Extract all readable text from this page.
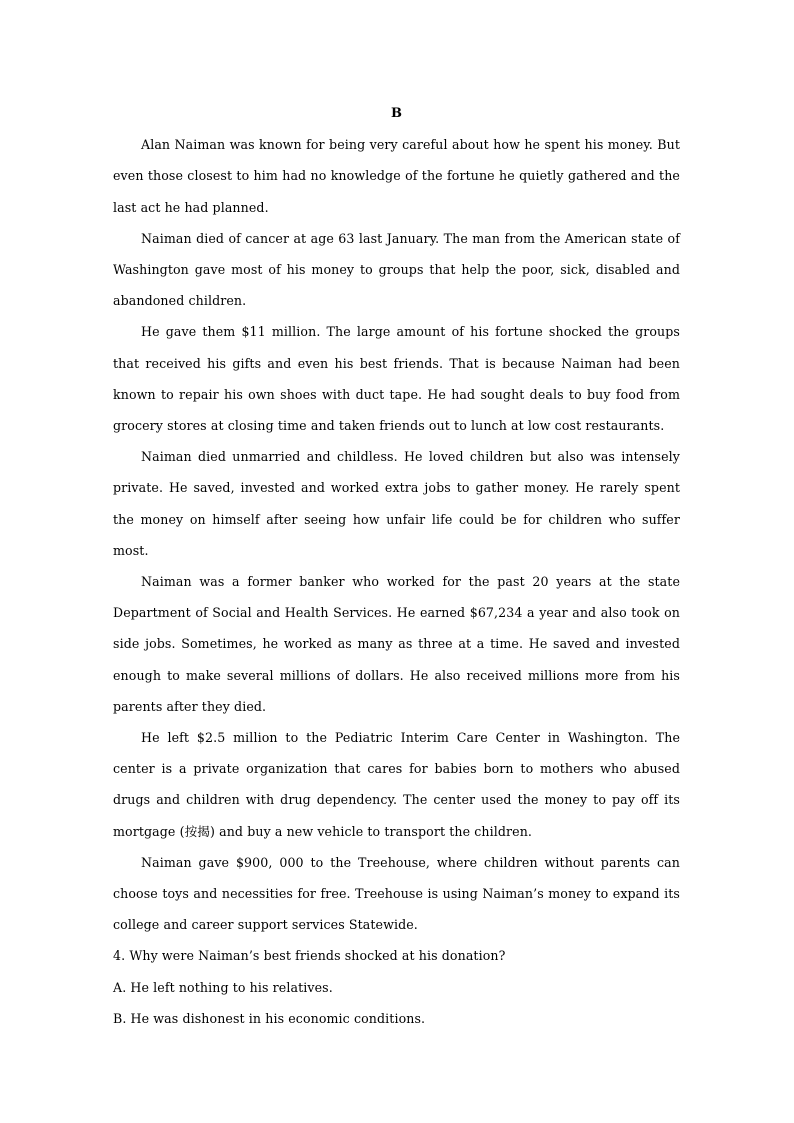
B

Alan Naiman was known for being very careful about how he spent his money. But even those closest to him had no knowledge of the fortune he quietly gathered and the last act he had planned.

Naiman died of cancer at age 63 last January. The man from the American state of Washington gave most of his money to groups that help the poor, sick, disabled and abandoned children.

He gave them $11 million. The large amount of his fortune shocked the groups that received his gifts and even his best friends. That is because Naiman had been known to repair his own shoes with duct tape. He had sought deals to buy food from grocery stores at closing time and taken friends out to lunch at low cost restaurants.

Naiman died unmarried and childless. He loved children but also was intensely private. He saved, invested and worked extra jobs to gather money. He rarely spent the money on himself after seeing how unfair life could be for children who suffer most.

Naiman was a former banker who worked for the past 20 years at the state Department of Social and Health Services. He earned $67,234 a year and also took on side jobs. Sometimes, he worked as many as three at a time. He saved and invested enough to make several millions of dollars. He also received millions more from his parents after they died.

He left $2.5 million to the Pediatric Interim Care Center in Washington. The center is a private organization that cares for babies born to mothers who abused drugs and children with drug dependency. The center used the money to pay off its mortgage (按揭) and buy a new vehicle to transport the children.

Naiman gave $900, 000 to the Treehouse, where children without parents can choose toys and necessities for free. Treehouse is using Naiman’s money to expand its college and career support services Statewide.

4. Why were Naiman’s best friends shocked at his donation?

A. He left nothing to his relatives.

B. He was dishonest in his economic conditions.
